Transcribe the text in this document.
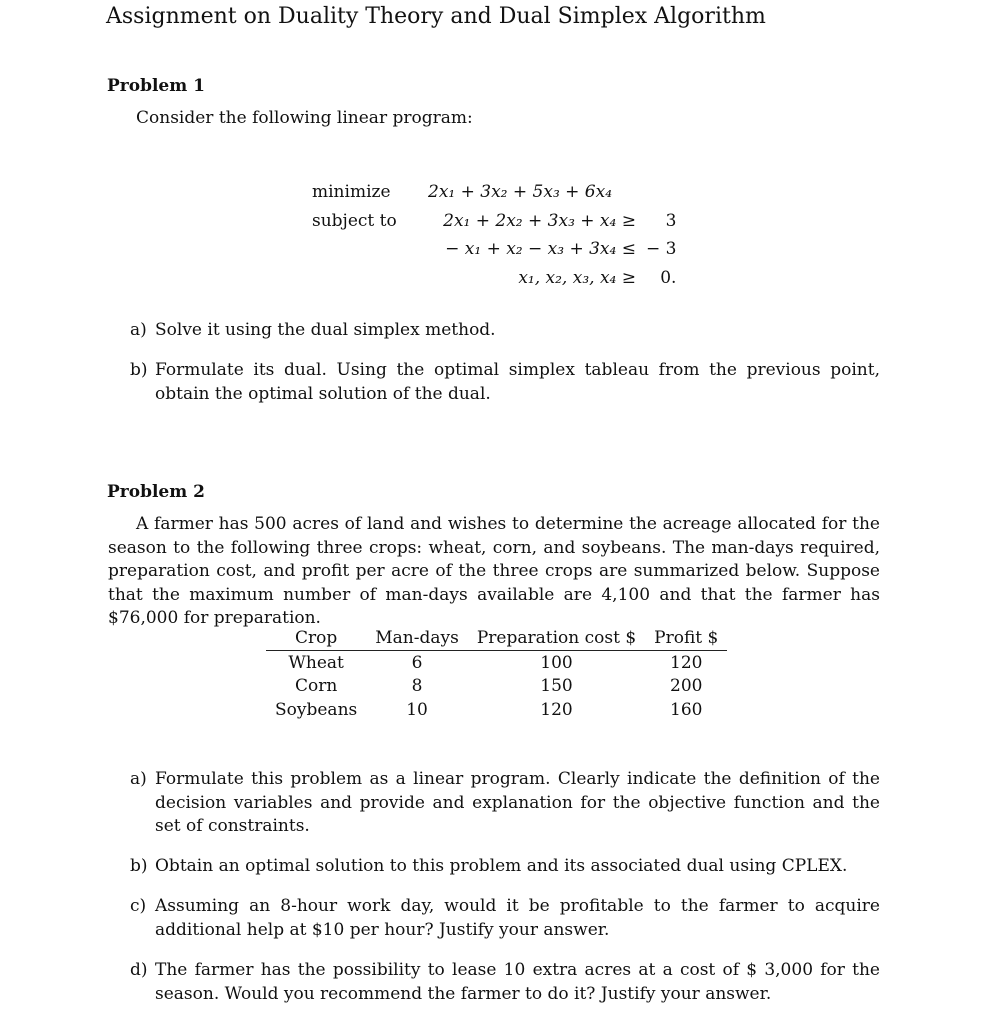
Assignment on Duality Theory and Dual Simplex Algorithm
Problem 1
Consider the following linear program:
minimize	2x₁ + 3x₂ + 5x₃ + 6x₄	
subject to	2x₁ + 2x₂ + 3x₃ + x₄ ≥	3
	− x₁ + x₂ − x₃ + 3x₄ ≤	− 3
	x₁, x₂, x₃, x₄ ≥	0.
a) Solve it using the dual simplex method.
b) Formulate its dual. Using the optimal simplex tableau from the previous point, obtain the optimal solution of the dual.
Problem 2
A farmer has 500 acres of land and wishes to determine the acreage allocated for the season to the following three crops: wheat, corn, and soybeans. The man-days required, preparation cost, and profit per acre of the three crops are summarized below. Suppose that the maximum number of man-days available are 4,100 and that the farmer has $76,000 for preparation.
Crop	Man-days	Preparation cost $	Profit $
Wheat	6	100	120
Corn	8	150	200
Soybeans	10	120	160
a) Formulate this problem as a linear program. Clearly indicate the definition of the decision variables and provide and explanation for the objective function and the set of constraints.
b) Obtain an optimal solution to this problem and its associated dual using CPLEX.
c) Assuming an 8-hour work day, would it be profitable to the farmer to acquire additional help at $10 per hour? Justify your answer.
d) The farmer has the possibility to lease 10 extra acres at a cost of $ 3,000 for the season. Would you recommend the farmer to do it? Justify your answer.
